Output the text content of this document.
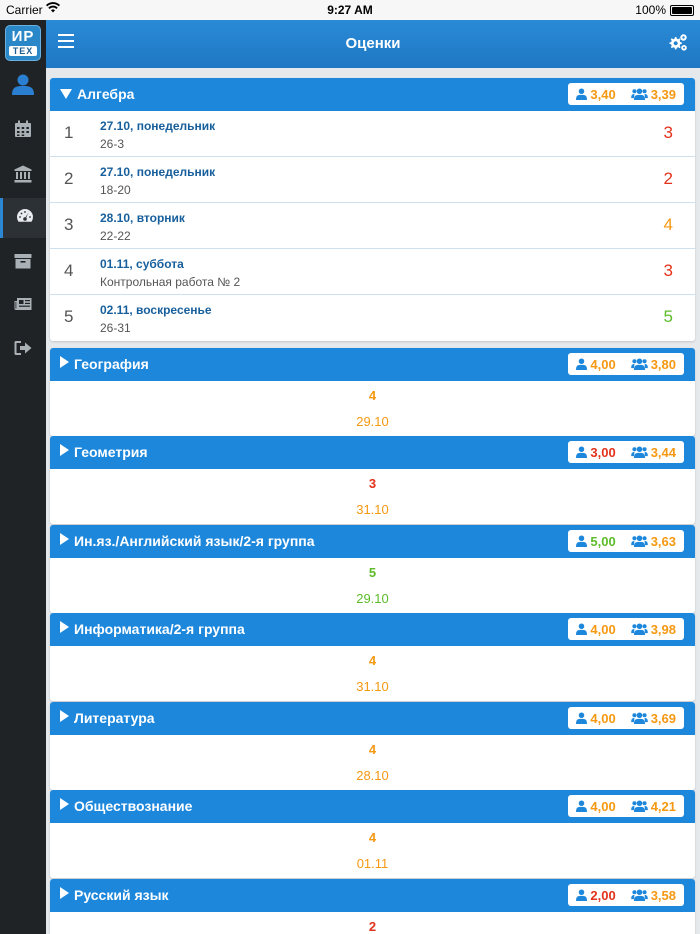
Carrier	9:27 AM	100%
ИР
TEX	Оценки
Алгебра	3,40	3,39
1 27.10, понедельник
26-3
3
2 27.10, понедельник
18-20
2
3 28.10, вторник
22-22
4
4 01.11, суббота
Контрольная работа № 2
3
5 02.11, воскресенье
26-31
5
География	4,00	3,80
4
29.10
Геометрия	3,00	3,44
3
31.10
Ин.яз./Английский язык/2-я группа	5,00	3,63
5
29.10
Информатика/2-я группа	4,00	3,98
4
31.10
Литература	4,00	3,69
4
28.10
Обществознание	4,00	4,21
4
01.11
Русский язык	2,00	3,58
2
